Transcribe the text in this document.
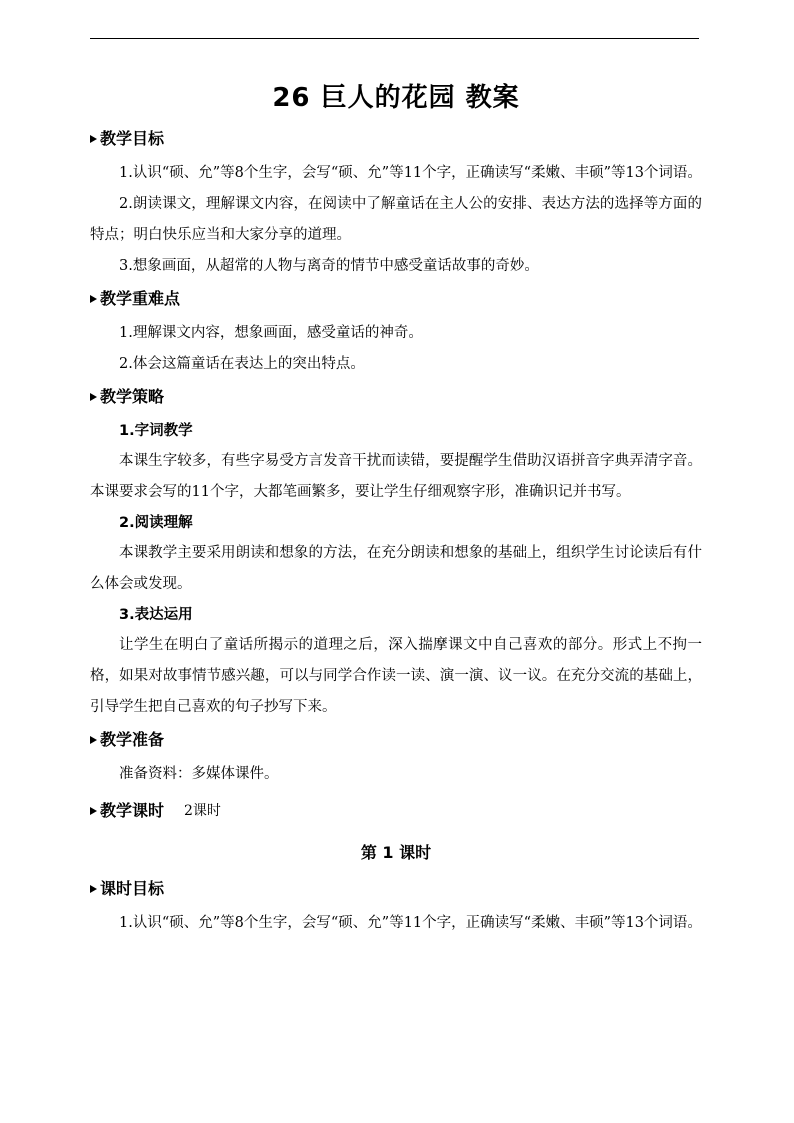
26 巨人的花园 教案
教学目标

1.认识“硕、允”等8个生字，会写“硕、允”等11个字，正确读写“柔嫩、丰硕”等13个词语。

2.朗读课文，理解课文内容，在阅读中了解童话在主人公的安排、表达方法的选择等方面的特点；明白快乐应当和大家分享的道理。

3.想象画面，从超常的人物与离奇的情节中感受童话故事的奇妙。

教学重难点

1.理解课文内容，想象画面，感受童话的神奇。

2.体会这篇童话在表达上的突出特点。

教学策略

1.字词教学

本课生字较多，有些字易受方言发音干扰而读错，要提醒学生借助汉语拼音字典弄清字音。本课要求会写的11个字，大都笔画繁多，要让学生仔细观察字形，准确识记并书写。

2.阅读理解

本课教学主要采用朗读和想象的方法，在充分朗读和想象的基础上，组织学生讨论读后有什么体会或发现。

3.表达运用

让学生在明白了童话所揭示的道理之后，深入揣摩课文中自己喜欢的部分。形式上不拘一格，如果对故事情节感兴趣，可以与同学合作读一读、演一演、议一议。在充分交流的基础上，引导学生把自己喜欢的句子抄写下来。

教学准备

准备资料：多媒体课件。

教学课时 2课时
第 1 课时
课时目标

1.认识“硕、允”等8个生字，会写“硕、允”等11个字，正确读写“柔嫩、丰硕”等13个词语。
